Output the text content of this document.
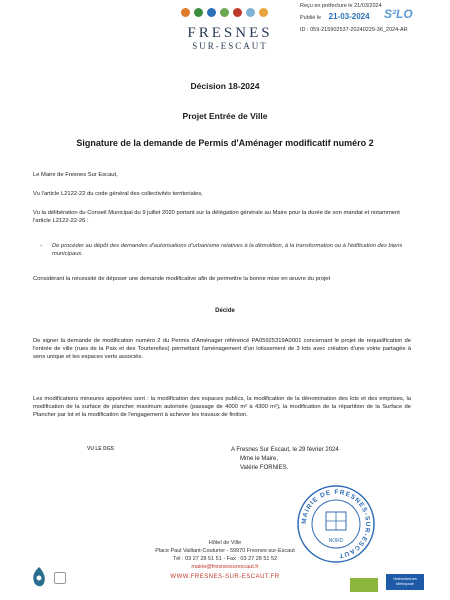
FRESNES
SUR-ESCAUT
Reçu en préfecture le 21/03/2024
Publié le 21-03-2024
ID : 059-215902537-20240229-36_2024-AR
S²LO
Décision 18-2024
Projet Entrée de Ville
Signature de la demande de Permis d'Aménager modificatif numéro 2
Le Maire de Fresnes Sur Escaut,
Vu l'article L2122-22 du code général des collectivités territoriales,
Vu la délibération du Conseil Municipal du 9 juillet 2020 portant sur la délégation générale au Maire pour la durée de son mandat et notamment l'article L2122-22-26 :
- De procéder au dépôt des demandes d'autorisations d'urbanisme relatives à la démolition, à la transformation ou à l'édification des biens municipaux.
Considérant la nécessité de déposer une demande modificative afin de permettre la bonne mise en œuvre du projet
Décide
De signer la demande de modification numéro 2 du Permis d'Aménager référencé PA05925319A0001 concernant le projet de requalification de l'entrée de ville (rues de la Paix et des Tourterelles) permettant l'aménagement d'un lotissement de 3 lots avec création d'une voirie partagée à sens unique et les espaces verts associés.
Les modifications mineures apportées sont : la modification des espaces publics, la modification de la dénomination des lots et des emprises, la modification de la surface de plancher maximum autorisée (passage de 4000 m² à 4300 m²), la modification de la répartition de la Surface de Plancher par lot et la modification de l'engagement à achever les travaux de finition.
VU LE DGS	A Fresnes Sur Escaut, le 29 février 2024
Mme le Maire,
Valérie FORNIES.
MAIRIE DE FRESNES-SUR-ESCAUT
NORD
Hôtel de Ville
Place Paul Vaillant-Couturier - 59970 Fresnes-sur-Escaut
Tél : 03 27 28 51 51 - Fax : 03 27 28 51 52
mairie@fresnessurescaut.fr
WWW.FRESNES-SUR-ESCAUT.FR	Valenciennes Métropole
